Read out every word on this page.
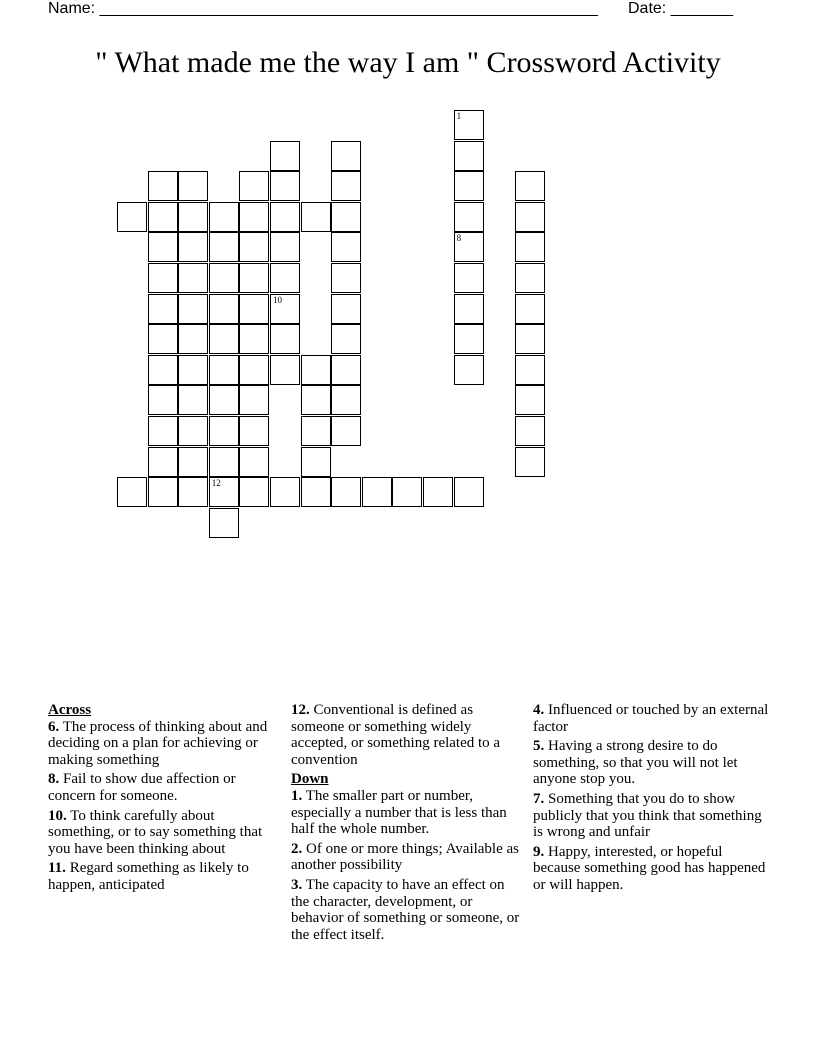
Name: ________________________________________________________ Date: _______
" What made me the way I am " Crossword Activity
10
12
1
8
Across
6. The process of thinking about and deciding on a plan for achieving or making something
8. Fail to show due affection or concern for someone.
10. To think carefully about something, or to say something that you have been thinking about
11. Regard something as likely to happen, anticipated
12. Conventional is defined as someone or something widely accepted, or something related to a convention
Down
1. The smaller part or number, especially a number that is less than half the whole number.
2. Of one or more things; Available as another possibility
3. The capacity to have an effect on the character, development, or behavior of something or someone, or the effect itself.
4. Influenced or touched by an external factor
5. Having a strong desire to do something, so that you will not let anyone stop you.
7. Something that you do to show publicly that you think that something is wrong and unfair
9. Happy, interested, or hopeful because something good has happened or will happen.
